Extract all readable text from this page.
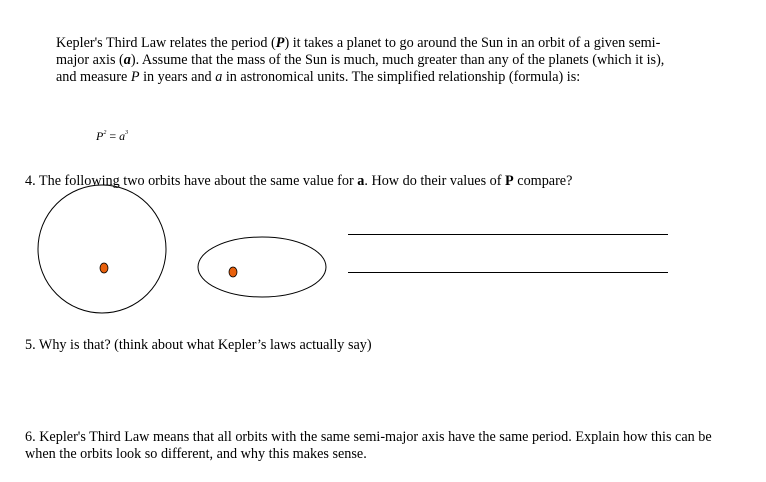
Kepler's Third Law relates the period (P) it takes a planet to go around the Sun in an orbit of a given semi-major axis (a). Assume that the mass of the Sun is much, much greater than any of the planets (which it is), and measure P in years and a in astronomical units. The simplified relationship (formula) is:
$P^2 = a^3$
4. The following two orbits have about the same value for a. How do their values of P compare?
5. Why is that? (think about what Kepler’s laws actually say)
6. Kepler's Third Law means that all orbits with the same semi-major axis have the same period. Explain how this can be when the orbits look so different, and why this makes sense.
